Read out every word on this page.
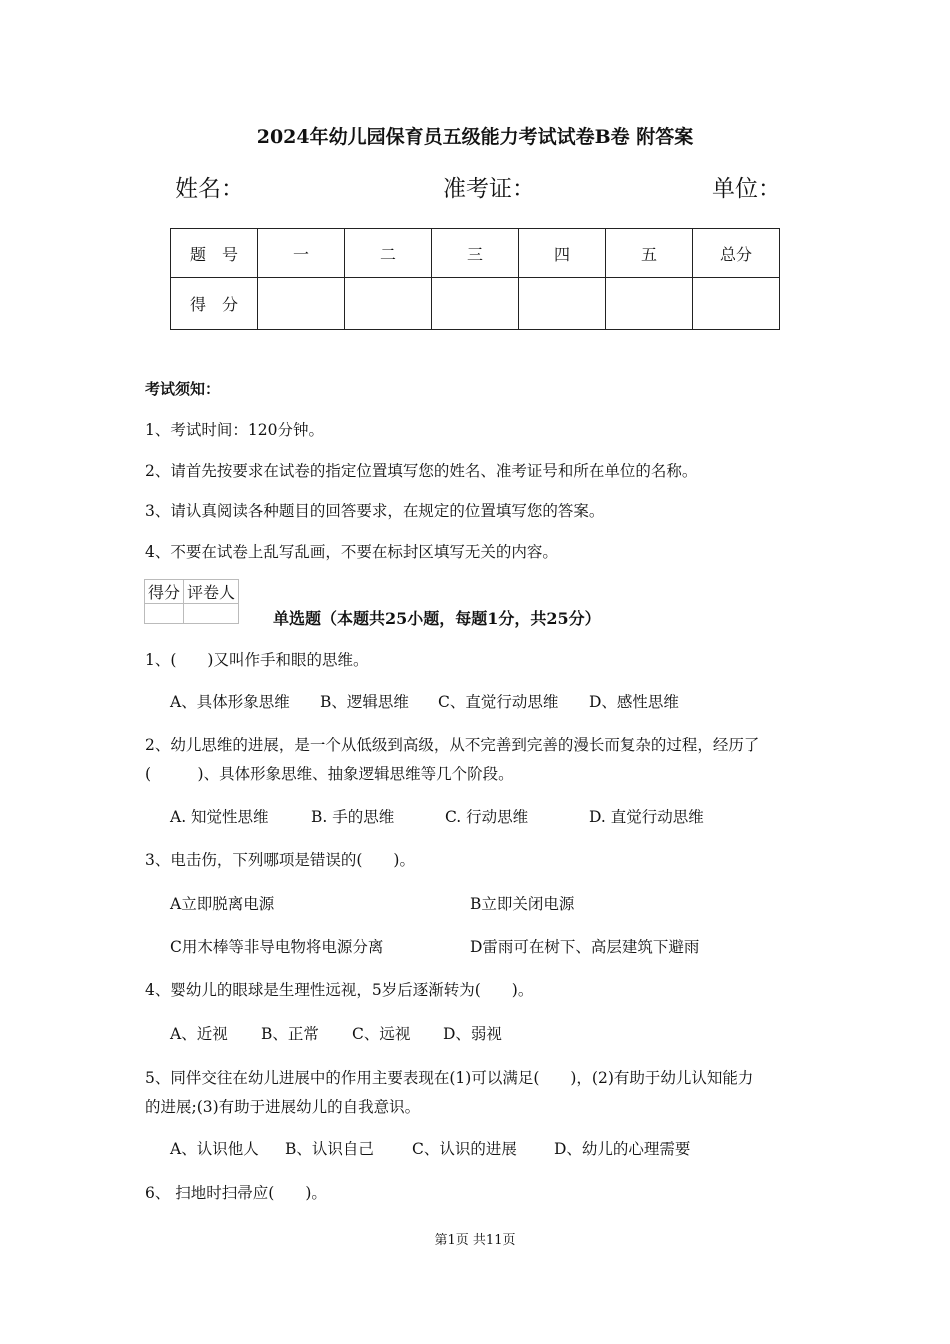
2024年幼儿园保育员五级能力考试试卷B卷 附答案
姓名：	准考证：	单位：
题　号	一	二	三	四	五	总分
得　分						
考试须知：
1、考试时间：120分钟。
2、请首先按要求在试卷的指定位置填写您的姓名、准考证号和所在单位的名称。
3、请认真阅读各种题目的回答要求，在规定的位置填写您的答案。
4、不要在试卷上乱写乱画，不要在标封区填写无关的内容。
得分	评卷人

单选题（本题共25小题，每题1分，共25分）
1、(　　)又叫作手和眼的思维。
A、具体形象思维 B、逻辑思维 C、直觉行动思维 D、感性思维
2、幼儿思维的进展，是一个从低级到高级，从不完善到完善的漫长而复杂的过程，经历了
(　　　)、具体形象思维、抽象逻辑思维等几个阶段。
A. 知觉性思维	B. 手的思维	C. 行动思维	D. 直觉行动思维
3、电击伤，下列哪项是错误的(　　)。
A立即脱离电源	B立即关闭电源
C用木棒等非导电物将电源分离	D雷雨可在树下、高层建筑下避雨
4、婴幼儿的眼球是生理性远视，5岁后逐渐转为(　　)。
A、近视 B、正常 C、远视 D、弱视
5、同伴交往在幼儿进展中的作用主要表现在(1)可以满足(　　)，(2)有助于幼儿认知能力
的进展;(3)有助于进展幼儿的自我意识。
A、认识他人 B、认识自己 C、认识的进展 D、幼儿的心理需要
6、 扫地时扫帚应(　　)。
第1页 共11页
